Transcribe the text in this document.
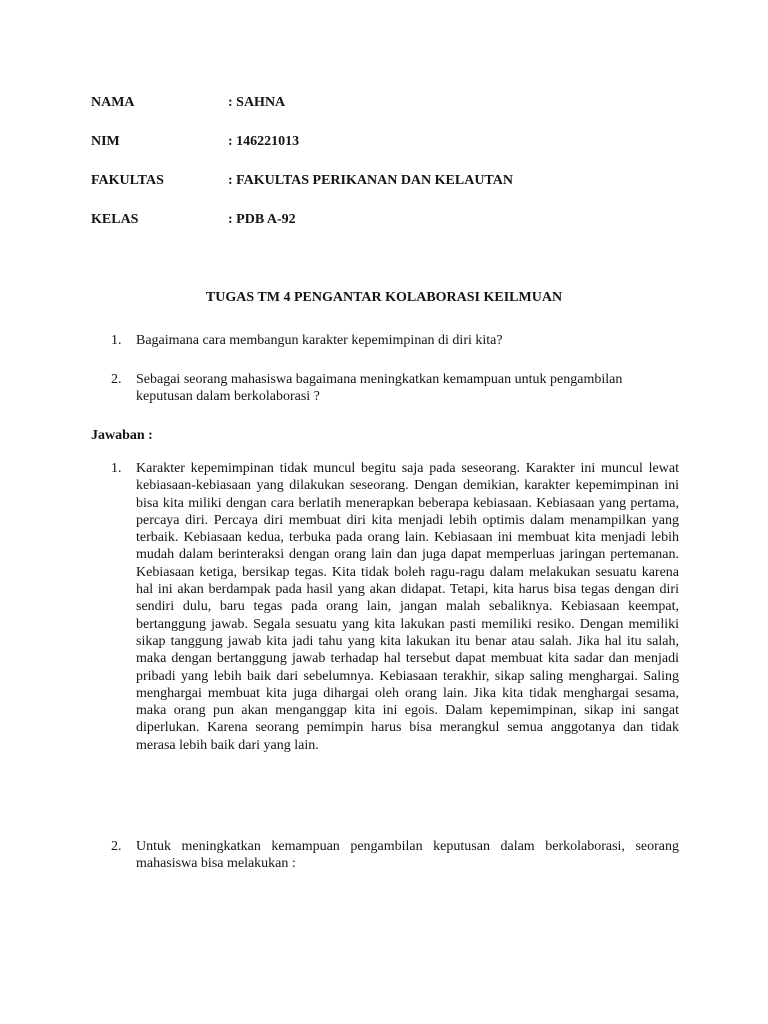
NAMA	: SAHNA
NIM	: 146221013
FAKULTAS	: FAKULTAS PERIKANAN DAN KELAUTAN
KELAS	: PDB A-92
TUGAS TM 4 PENGANTAR KOLABORASI KEILMUAN
1.	Bagaimana cara membangun karakter kepemimpinan di diri kita?
2.	Sebagai seorang mahasiswa bagaimana meningkatkan kemampuan untuk pengambilan keputusan dalam berkolaborasi ?
Jawaban :
1.	Karakter kepemimpinan tidak muncul begitu saja pada seseorang. Karakter ini muncul lewat kebiasaan-kebiasaan yang dilakukan seseorang. Dengan demikian, karakter kepemimpinan ini bisa kita miliki dengan cara berlatih menerapkan beberapa kebiasaan. Kebiasaan yang pertama, percaya diri. Percaya diri membuat diri kita menjadi lebih optimis dalam menampilkan yang terbaik. Kebiasaan kedua, terbuka pada orang lain. Kebiasaan ini membuat kita menjadi lebih mudah dalam berinteraksi dengan orang lain dan juga dapat memperluas jaringan pertemanan. Kebiasaan ketiga, bersikap tegas. Kita tidak boleh ragu-ragu dalam melakukan sesuatu karena hal ini akan berdampak pada hasil yang akan didapat. Tetapi, kita harus bisa tegas dengan diri sendiri dulu, baru tegas pada orang lain, jangan malah sebaliknya. Kebiasaan keempat, bertanggung jawab. Segala sesuatu yang kita lakukan pasti memiliki resiko. Dengan memiliki sikap tanggung jawab kita jadi tahu yang kita lakukan itu benar atau salah. Jika hal itu salah, maka dengan bertanggung jawab terhadap hal tersebut dapat membuat kita sadar dan menjadi pribadi yang lebih baik dari sebelumnya. Kebiasaan terakhir, sikap saling menghargai. Saling menghargai membuat kita juga dihargai oleh orang lain. Jika kita tidak menghargai sesama, maka orang pun akan menganggap kita ini egois. Dalam kepemimpinan, sikap ini sangat diperlukan. Karena seorang pemimpin harus bisa merangkul semua anggotanya dan tidak merasa lebih baik dari yang lain.
2.	Untuk meningkatkan kemampuan pengambilan keputusan dalam berkolaborasi, seorang mahasiswa bisa melakukan :
